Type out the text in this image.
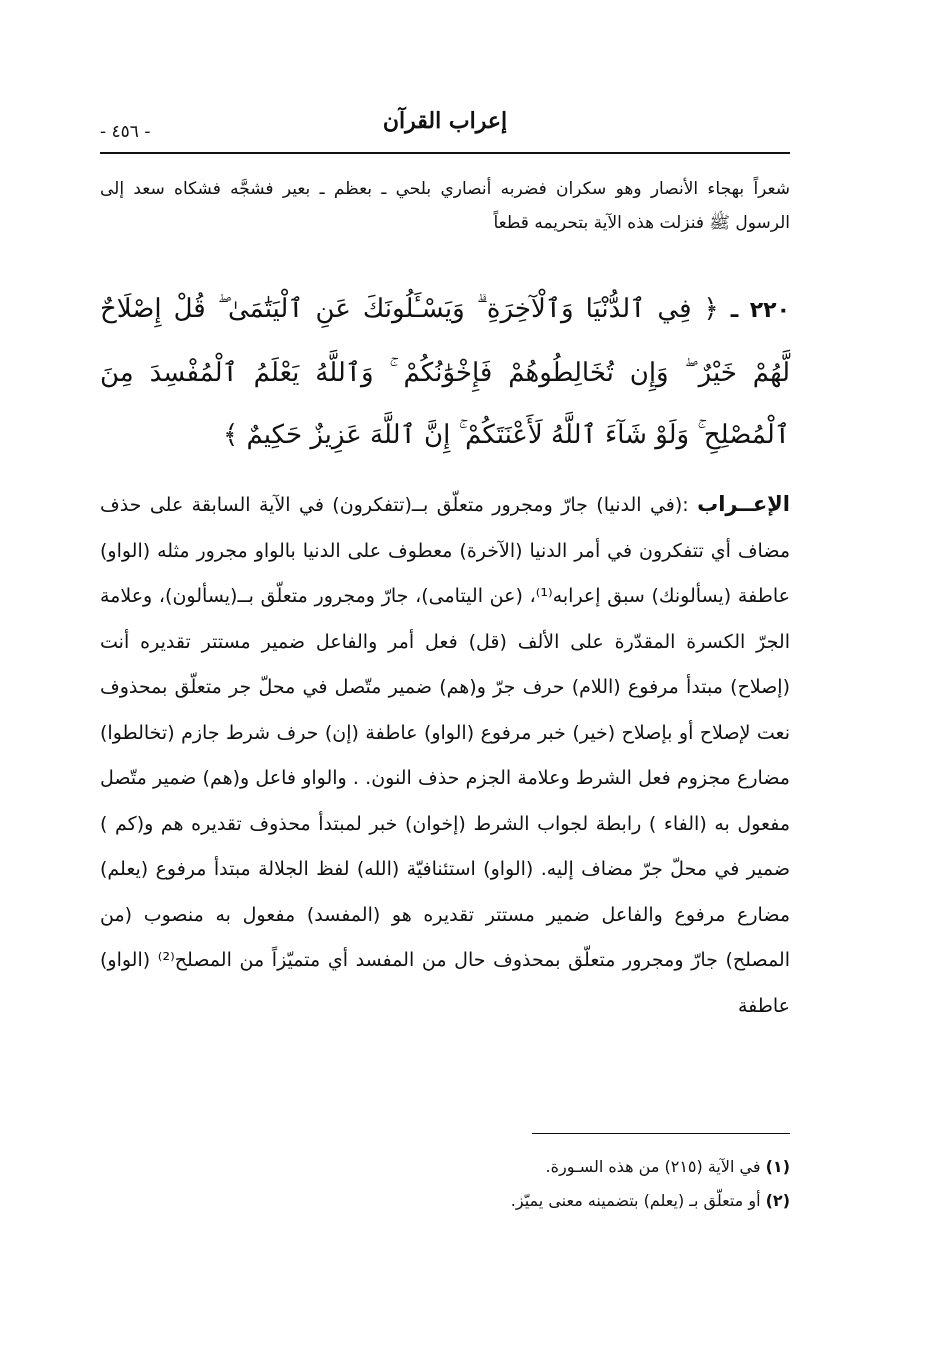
إعراب القرآن
- ٤٥٦ -
شعراً بهجاء الأنصار وهو سكران فضربه أنصاري بلحي ـ بعظم ـ بعير فشجَّه فشكاه سعد إلى الرسول ﷺ فنزلت هذه الآية بتحريمه قطعاً
٢٢٠ ـ ﴿ فِي ٱلدُّنْيَا وَٱلْآخِرَةِ ۗ وَيَسْـَٔلُونَكَ عَنِ ٱلْيَتَٰمَىٰ ۖ قُلْ إِصْلَاحٌ لَّهُمْ خَيْرٌ ۖ وَإِن تُخَالِطُوهُمْ فَإِخْوَٰنُكُمْ ۚ وَٱللَّهُ يَعْلَمُ ٱلْمُفْسِدَ مِنَ ٱلْمُصْلِحِ ۚ وَلَوْ شَآءَ ٱللَّهُ لَأَعْنَتَكُمْ ۚ إِنَّ ٱللَّهَ عَزِيزٌ حَكِيمٌ ﴾
الإعــراب :(في الدنيا) جارّ ومجرور متعلّق بــ(تتفكرون) في الآية السابقة على حذف مضاف أي تتفكرون في أمر الدنيا (الآخرة) معطوف على الدنيا بالواو مجرور مثله (الواو) عاطفة (يسألونك) سبق إعرابه⁽¹⁾، (عن اليتامى)، جارّ ومجرور متعلّق بــ(يسألون)، وعلامة الجرّ الكسرة المقدّرة على الألف (قل) فعل أمر والفاعل ضمير مستتر تقديره أنت (إصلاح) مبتدأ مرفوع (اللام) حرف جرّ و(هم) ضمير متّصل في محلّ جر متعلّق بمحذوف نعت لإصلاح أو بإصلاح (خير) خبر مرفوع (الواو) عاطفة (إن) حرف شرط جازم (تخالطوا) مضارع مجزوم فعل الشرط وعلامة الجزم حذف النون. . والواو فاعل و(هم) ضمير متّصل مفعول به (الفاء ) رابطة لجواب الشرط (إخوان) خبر لمبتدأ محذوف تقديره هم و(كم ) ضمير في محلّ جرّ مضاف إليه. (الواو) استئنافيّة (الله) لفظ الجلالة مبتدأ مرفوع (يعلم) مضارع مرفوع والفاعل ضمير مستتر تقديره هو (المفسد) مفعول به منصوب (من المصلح) جارّ ومجرور متعلّق بمحذوف حال من المفسد أي متميّزاً من المصلح⁽²⁾ (الواو) عاطفة
(١) في الآية (٢١٥) من هذه السـورة.
(٢) أو متعلّق بـ (يعلم) بتضمينه معنى يميّز.
